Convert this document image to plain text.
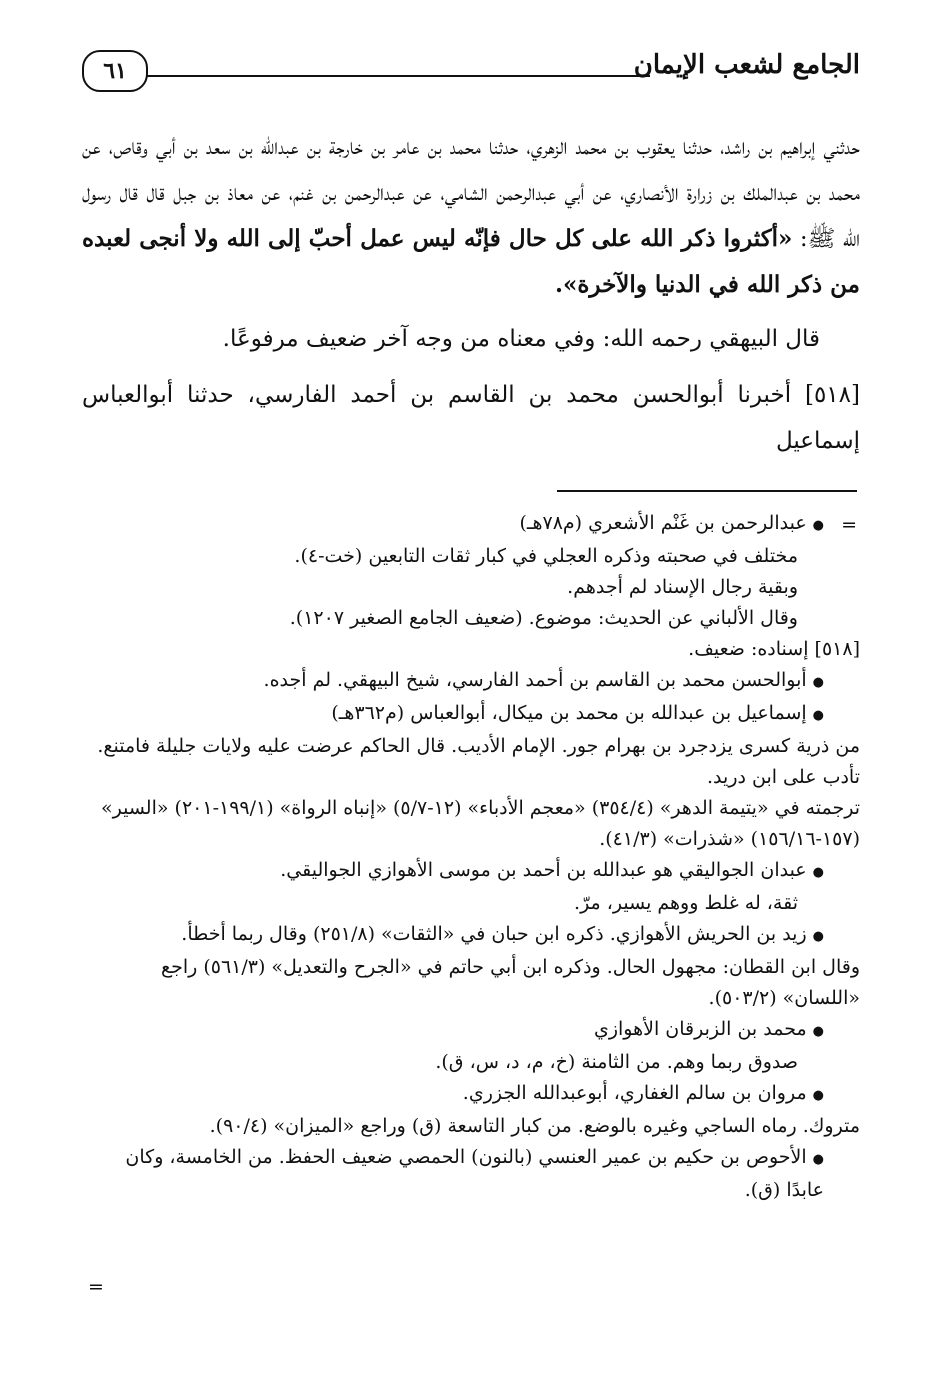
٦١	الجامع لشعب الإيمان

حدثني إبراهيم بن راشد، حدثنا يعقوب بن محمد الزهري، حدثنا محمد بن عامر بن خارجة بن عبدالله بن سعد بن أبي وقاص، عن محمد بن عبدالملك بن زرارة الأنصاري، عن أبي عبدالرحمن الشامي، عن عبدالرحمن بن غنم، عن معاذ بن جبل قال قال رسول الله ﷺ: «أكثروا ذكر الله على كل حال فإنّه ليس عمل أحبّ إلى الله ولا أنجى لعبده من ذكر الله في الدنيا والآخرة».

قال البيهقي رحمه الله: وفي معناه من وجه آخر ضعيف مرفوعًا.

[٥١٨] أخبرنا أبوالحسن محمد بن القاسم بن أحمد الفارسي، حدثنا أبوالعباس إسماعيل

=

●عبدالرحمن بن غَنْم الأشعري (م٧٨هـ)

مختلف في صحبته وذكره العجلي في كبار ثقات التابعين (خت-٤).

وبقية رجال الإسناد لم أجدهم.

وقال الألباني عن الحديث: موضوع. (ضعيف الجامع الصغير ١٢٠٧).

[٥١٨] إسناده: ضعيف.

●أبوالحسن محمد بن القاسم بن أحمد الفارسي، شيخ البيهقي. لم أجده.

●إسماعيل بن عبدالله بن محمد بن ميكال، أبوالعباس (م٣٦٢هـ)

من ذرية كسرى يزدجرد بن بهرام جور. الإمام الأديب. قال الحاكم عرضت عليه ولايات جليلة فامتنع. تأدب على ابن دريد.

ترجمته في «يتيمة الدهر» (٣٥٤/٤) «معجم الأدباء» (١٢-٥/٧) «إنباه الرواة» (١٩٩/١-٢٠١) «السير» (١٥٧-١٥٦/١٦) «شذرات» (٤١/٣).

●عبدان الجواليقي هو عبدالله بن أحمد بن موسى الأهوازي الجواليقي.

ثقة، له غلط ووهم يسير، مرّ.

●زيد بن الحريش الأهوازي. ذكره ابن حبان في «الثقات» (٢٥١/٨) وقال ربما أخطأ.

وقال ابن القطان: مجهول الحال. وذكره ابن أبي حاتم في «الجرح والتعديل» (٥٦١/٣) راجع «اللسان» (٥٠٣/٢).

●محمد بن الزبرقان الأهوازي

صدوق ربما وهم. من الثامنة (خ، م، د، س، ق).

●مروان بن سالم الغفاري، أبوعبدالله الجزري.

متروك. رماه الساجي وغيره بالوضع. من كبار التاسعة (ق) وراجع «الميزان» (٩٠/٤).

●الأحوص بن حكيم بن عمير العنسي (بالنون) الحمصي ضعيف الحفظ. من الخامسة، وكان عابدًا (ق).

=
